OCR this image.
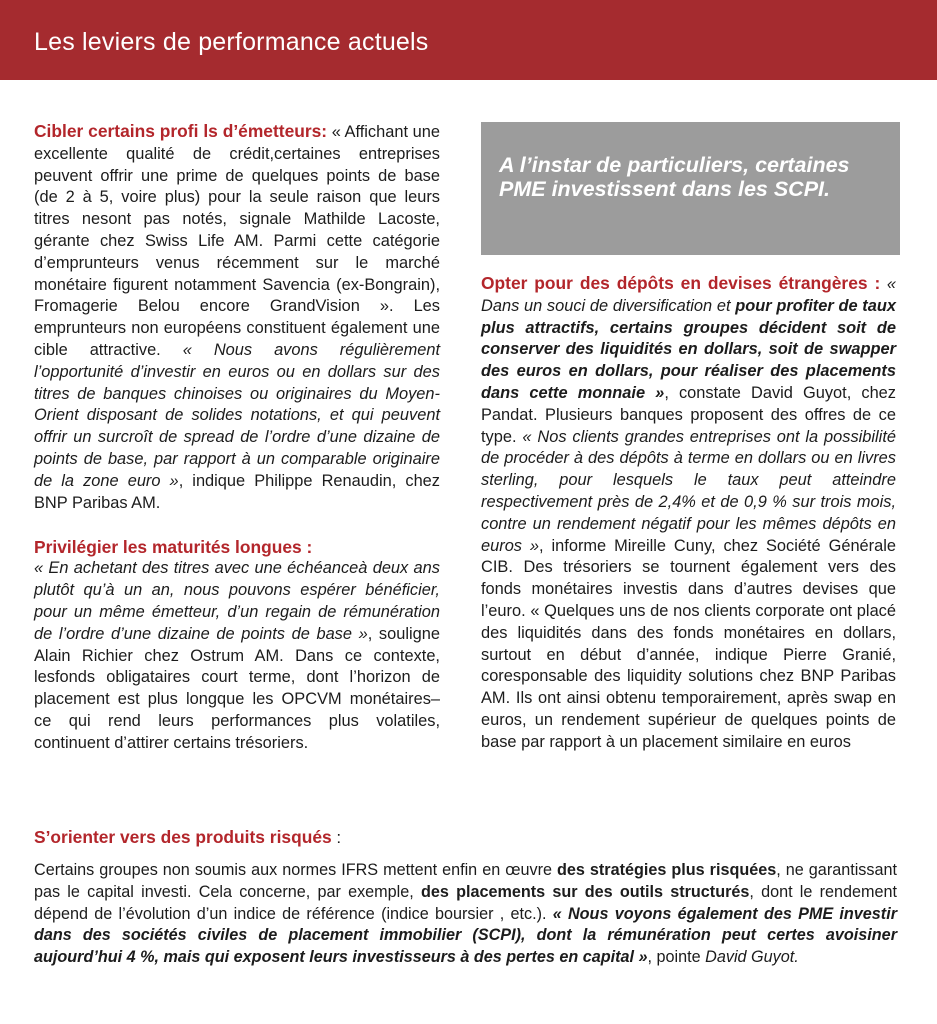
Les leviers de performance actuels

Cibler certains profi ls d’émetteurs: « Affichant une excellente qualité de crédit,certaines entreprises peuvent offrir une prime de quelques points de base (de 2 à 5, voire plus) pour la seule raison que leurs titres nesont pas notés, signale Mathilde Lacoste, gérante chez Swiss Life AM. Parmi cette catégorie d’emprunteurs venus récemment sur le marché monétaire figurent notamment Savencia (ex-Bongrain), Fromagerie Belou encore GrandVision ». Les emprunteurs non européens constituent également une cible attractive. « Nous avons régulièrement l’opportunité d’investir en euros ou en dollars sur des titres de banques chinoises ou originaires du Moyen-Orient disposant de solides notations, et qui peuvent offrir un surcroît de spread de l’ordre d’une dizaine de points de base, par rapport à un comparable originaire de la zone euro », indique Philippe Renaudin, chez BNP Paribas AM.

Privilégier les maturités longues :
« En achetant des titres avec une échéanceà deux ans plutôt qu’à un an, nous pouvons espérer bénéficier, pour un même émetteur, d’un regain de rémunération de l’ordre d’une dizaine de points de base », souligne Alain Richier chez Ostrum AM. Dans ce contexte, lesfonds obligataires court terme, dont l’horizon de placement est plus longque les OPCVM monétaires– ce qui rend leurs performances plus volatiles, continuent d’attirer certains trésoriers.

A l’instar de particuliers, certaines PME investissent dans les SCPI.

Opter pour des dépôts en devises étrangères : « Dans un souci de diversification et pour profiter de taux plus attractifs, certains groupes décident soit de conserver des liquidités en dollars, soit de swapper des euros en dollars, pour réaliser des placements dans cette monnaie », constate David Guyot, chez Pandat. Plusieurs banques proposent des offres de ce type. « Nos clients grandes entreprises ont la possibilité de procéder à des dépôts à terme en dollars ou en livres sterling, pour lesquels le taux peut atteindre respectivement près de 2,4% et de 0,9 % sur trois mois, contre un rendement négatif pour les mêmes dépôts en euros », informe Mireille Cuny, chez Société Générale CIB. Des trésoriers se tournent également vers des fonds monétaires investis dans d’autres devises que l’euro. « Quelques uns de nos clients corporate ont placé des liquidités dans des fonds monétaires en dollars, surtout en début d’année, indique Pierre Granié, coresponsable des liquidity solutions chez BNP Paribas AM. Ils ont ainsi obtenu temporairement, après swap en euros, un rendement supérieur de quelques points de base par rapport à un placement similaire en euros

S’orienter vers des produits risqués :

Certains groupes non soumis aux normes IFRS mettent enfin en œuvre des stratégies plus risquées, ne garantissant pas le capital investi. Cela concerne, par exemple, des placements sur des outils structurés, dont le rendement dépend de l’évolution d’un indice de référence (indice boursier , etc.). « Nous voyons également des PME investir dans des sociétés civiles de placement immobilier (SCPI), dont la rémunération peut certes avoisiner aujourd’hui 4 %, mais qui exposent leurs investisseurs à des pertes en capital », pointe David Guyot.
